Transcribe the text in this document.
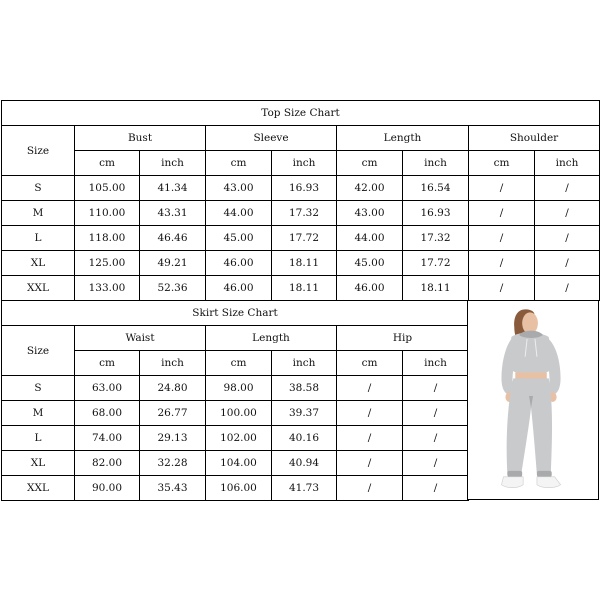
Top Size Chart								
Size	Bust		Sleeve		Length		Shoulder	
	cm	inch	cm	inch	cm	inch	cm	inch
S	105.00	41.34	43.00	16.93	42.00	16.54	/	/
M	110.00	43.31	44.00	17.32	43.00	16.93	/	/
L	118.00	46.46	45.00	17.72	44.00	17.32	/	/
XL	125.00	49.21	46.00	18.11	45.00	17.72	/	/
XXL	133.00	52.36	46.00	18.11	46.00	18.11	/	/
Skirt Size Chart						
Size	Waist		Length		Hip	
	cm	inch	cm	inch	cm	inch
S	63.00	24.80	98.00	38.58	/	/
M	68.00	26.77	100.00	39.37	/	/
L	74.00	29.13	102.00	40.16	/	/
XL	82.00	32.28	104.00	40.94	/	/
XXL	90.00	35.43	106.00	41.73	/	/
